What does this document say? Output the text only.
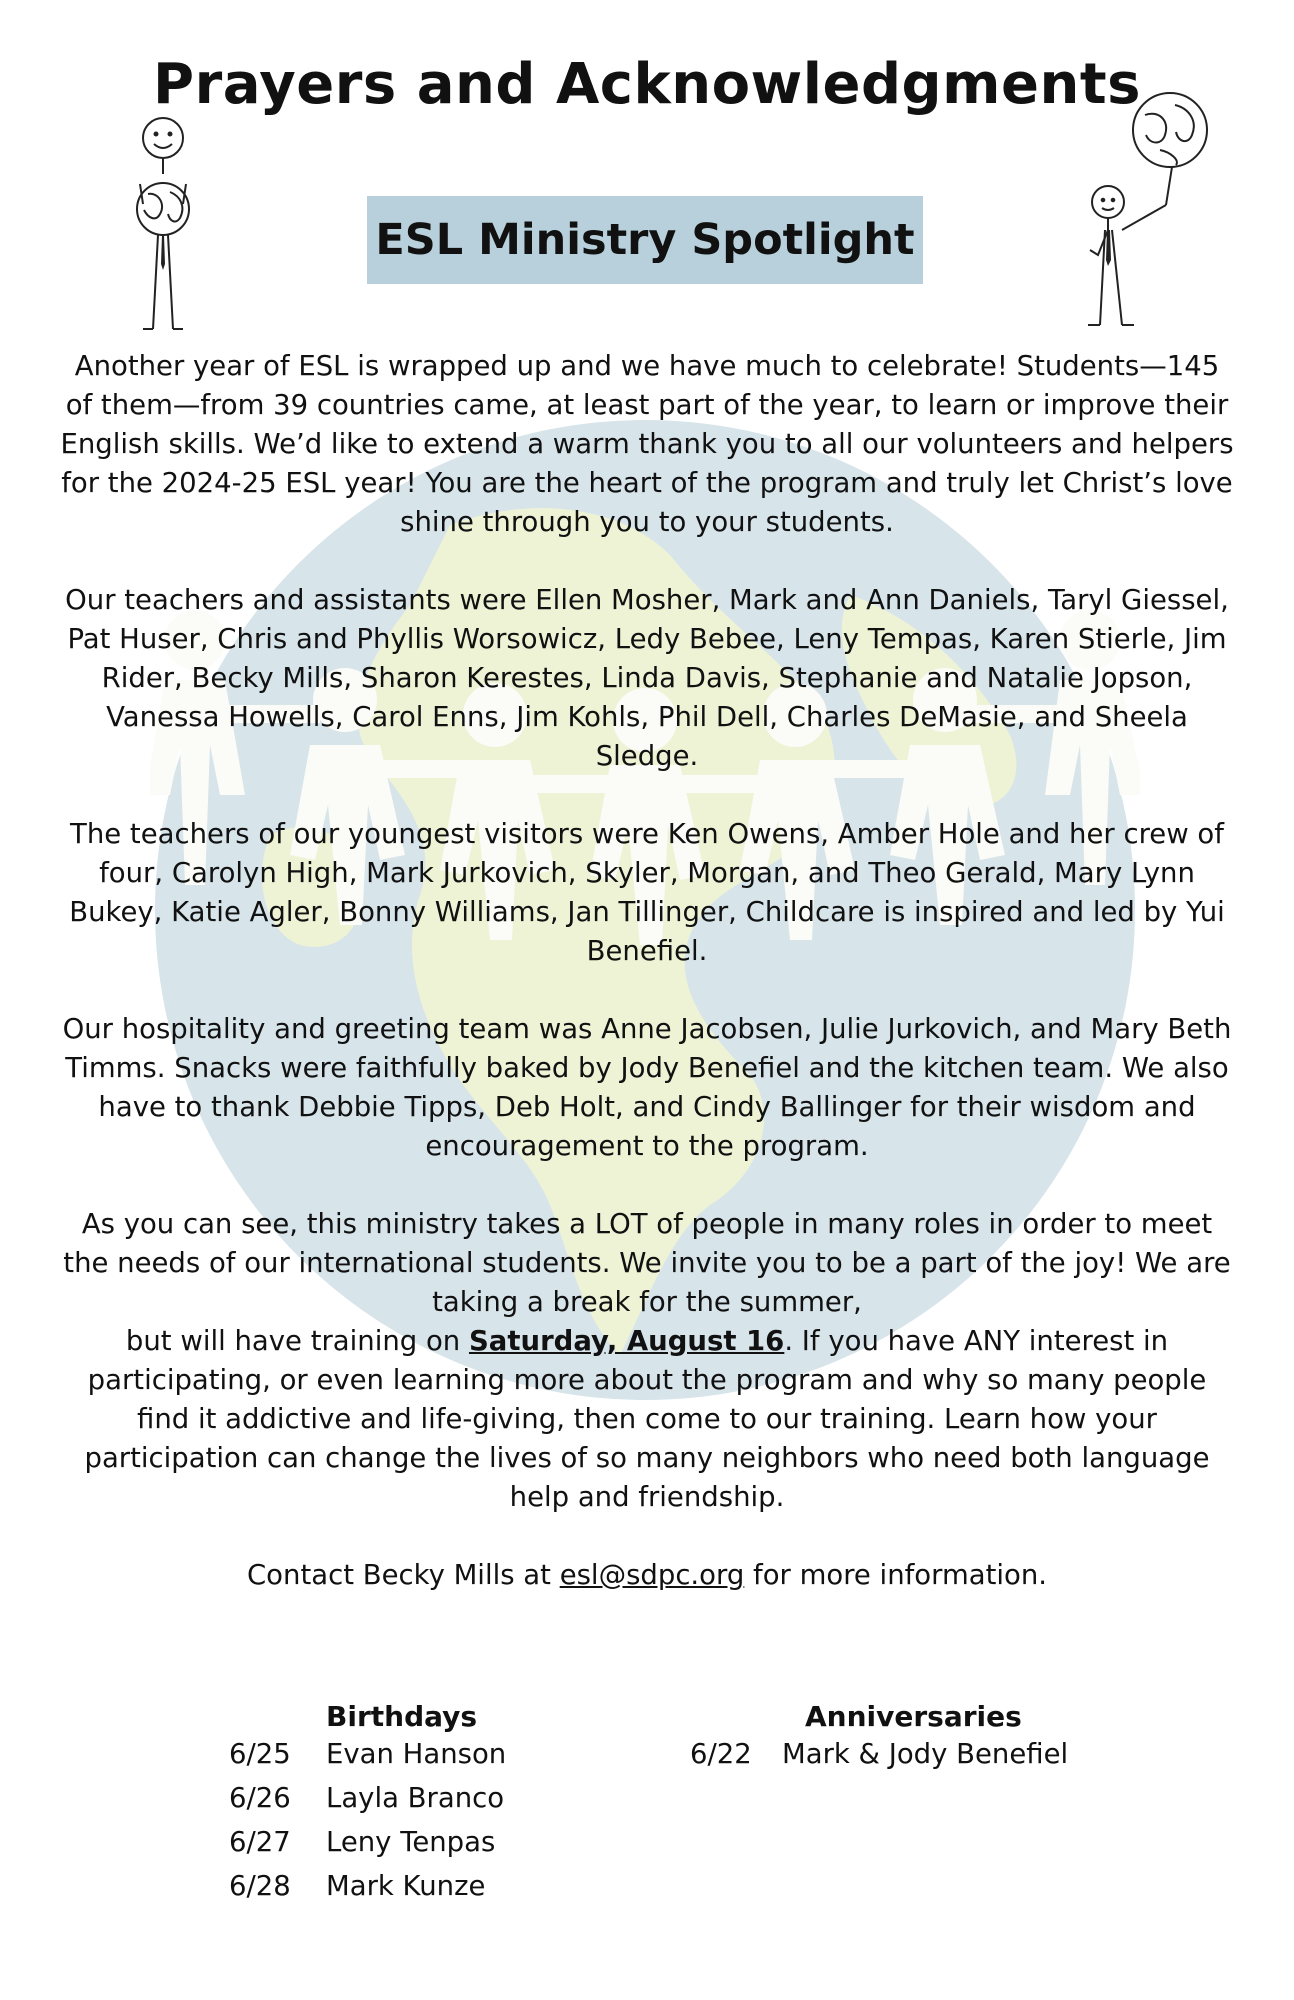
Prayers and Acknowledgments
ESL Ministry Spotlight

Another year of ESL is wrapped up and we have much to celebrate! Students—145 of them—from 39 countries came, at least part of the year, to learn or improve their English skills. We’d like to extend a warm thank you to all our volunteers and helpers for the 2024-25 ESL year! You are the heart of the program and truly let Christ’s love shine through you to your students.

Our teachers and assistants were Ellen Mosher, Mark and Ann Daniels, Taryl Giessel, Pat Huser, Chris and Phyllis Worsowicz, Ledy Bebee, Leny Tempas, Karen Stierle, Jim Rider, Becky Mills, Sharon Kerestes, Linda Davis, Stephanie and Natalie Jopson, Vanessa Howells, Carol Enns, Jim Kohls, Phil Dell, Charles DeMasie, and Sheela Sledge.

The teachers of our youngest visitors were Ken Owens, Amber Hole and her crew of four, Carolyn High, Mark Jurkovich, Skyler, Morgan, and Theo Gerald, Mary Lynn Bukey, Katie Agler, Bonny Williams, Jan Tillinger, Childcare is inspired and led by Yui Benefiel.

Our hospitality and greeting team was Anne Jacobsen, Julie Jurkovich, and Mary Beth Timms. Snacks were faithfully baked by Jody Benefiel and the kitchen team. We also have to thank Debbie Tipps, Deb Holt, and Cindy Ballinger for their wisdom and encouragement to the program.

As you can see, this ministry takes a LOT of people in many roles in order to meet the needs of our international students. We invite you to be a part of the joy! We are taking a break for the summer,
but will have training on Saturday, August 16. If you have ANY interest in participating, or even learning more about the program and why so many people find it addictive and life-giving, then come to our training. Learn how your participation can change the lives of so many neighbors who need both language help and friendship.

Contact Becky Mills at esl@sdpc.org for more information.

Birthdays
6/25 Evan Hanson
6/26 Layla Branco
6/27 Leny Tenpas
6/28 Mark Kunze
Anniversaries
6/22 Mark & Jody Benefiel
